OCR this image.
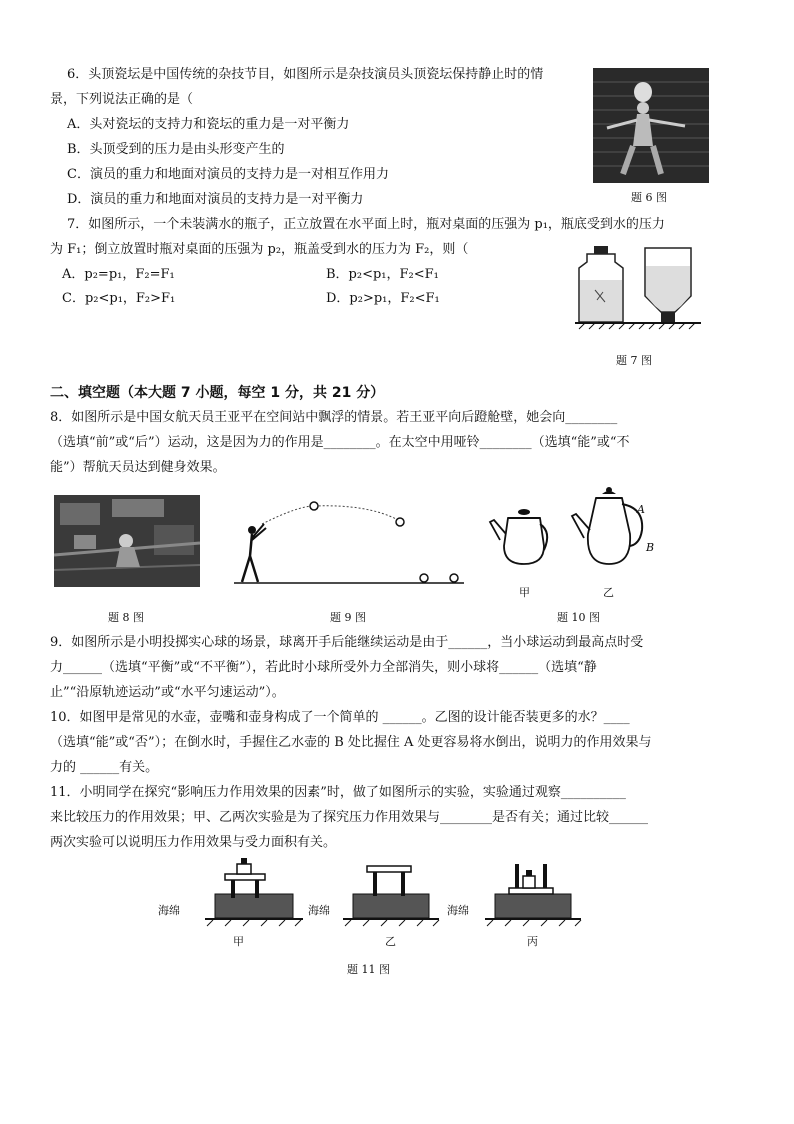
6．头顶瓷坛是中国传统的杂技节目，如图所示是杂技演员头顶瓷坛保持静止时的情
景，下列说法正确的是（
A．头对瓷坛的支持力和瓷坛的重力是一对平衡力
B．头顶受到的压力是由头形变产生的
C．演员的重力和地面对演员的支持力是一对相互作用力
D．演员的重力和地面对演员的支持力是一对平衡力	题 6 图
7．如图所示，一个未装满水的瓶子，正立放置在水平面上时，瓶对桌面的压强为 p₁，瓶底受到水的压力
为 F₁；倒立放置时瓶对桌面的压强为 p₂，瓶盖受到水的压力为 F₂，则（
A．p₂=p₁，F₂=F₁	B．p₂<p₁，F₂<F₁
C．p₂<p₁，F₂>F₁	D．p₂>p₁，F₂<F₁
题 7 图
二、填空题（本大题 7 小题，每空 1 分，共 21 分）
8．如图所示是中国女航天员王亚平在空间站中飘浮的情景。若王亚平向后蹬舱壁，她会向________
（选填“前”或“后”）运动，这是因为力的作用是________。在太空中用哑铃________（选填“能”或“不
能”）帮航天员达到健身效果。
题 8 图	题 9 图
A
B
甲	乙
题 10 图
9．如图所示是小明投掷实心球的场景，球离开手后能继续运动是由于______，当小球运动到最高点时受
力______（选填“平衡”或“不平衡”），若此时小球所受外力全部消失，则小球将______（选填“静
止”“沿原轨迹运动”或“水平匀速运动”）。
10．如图甲是常见的水壶，壶嘴和壶身构成了一个简单的 ______。乙图的设计能否装更多的水？____
（选填“能”或“否”）；在倒水时，手握住乙水壶的 B 处比握住 A 处更容易将水倒出，说明力的作用效果与
力的 ______有关。
11．小明同学在探究“影响压力作用效果的因素”时，做了如图所示的实验，实验通过观察__________
来比较压力的作用效果；甲、乙两次实验是为了探究压力作用效果与________是否有关；通过比较______
两次实验可以说明压力作用效果与受力面积有关。
海绵	海绵	海绵
甲	乙	丙
题 11 图
